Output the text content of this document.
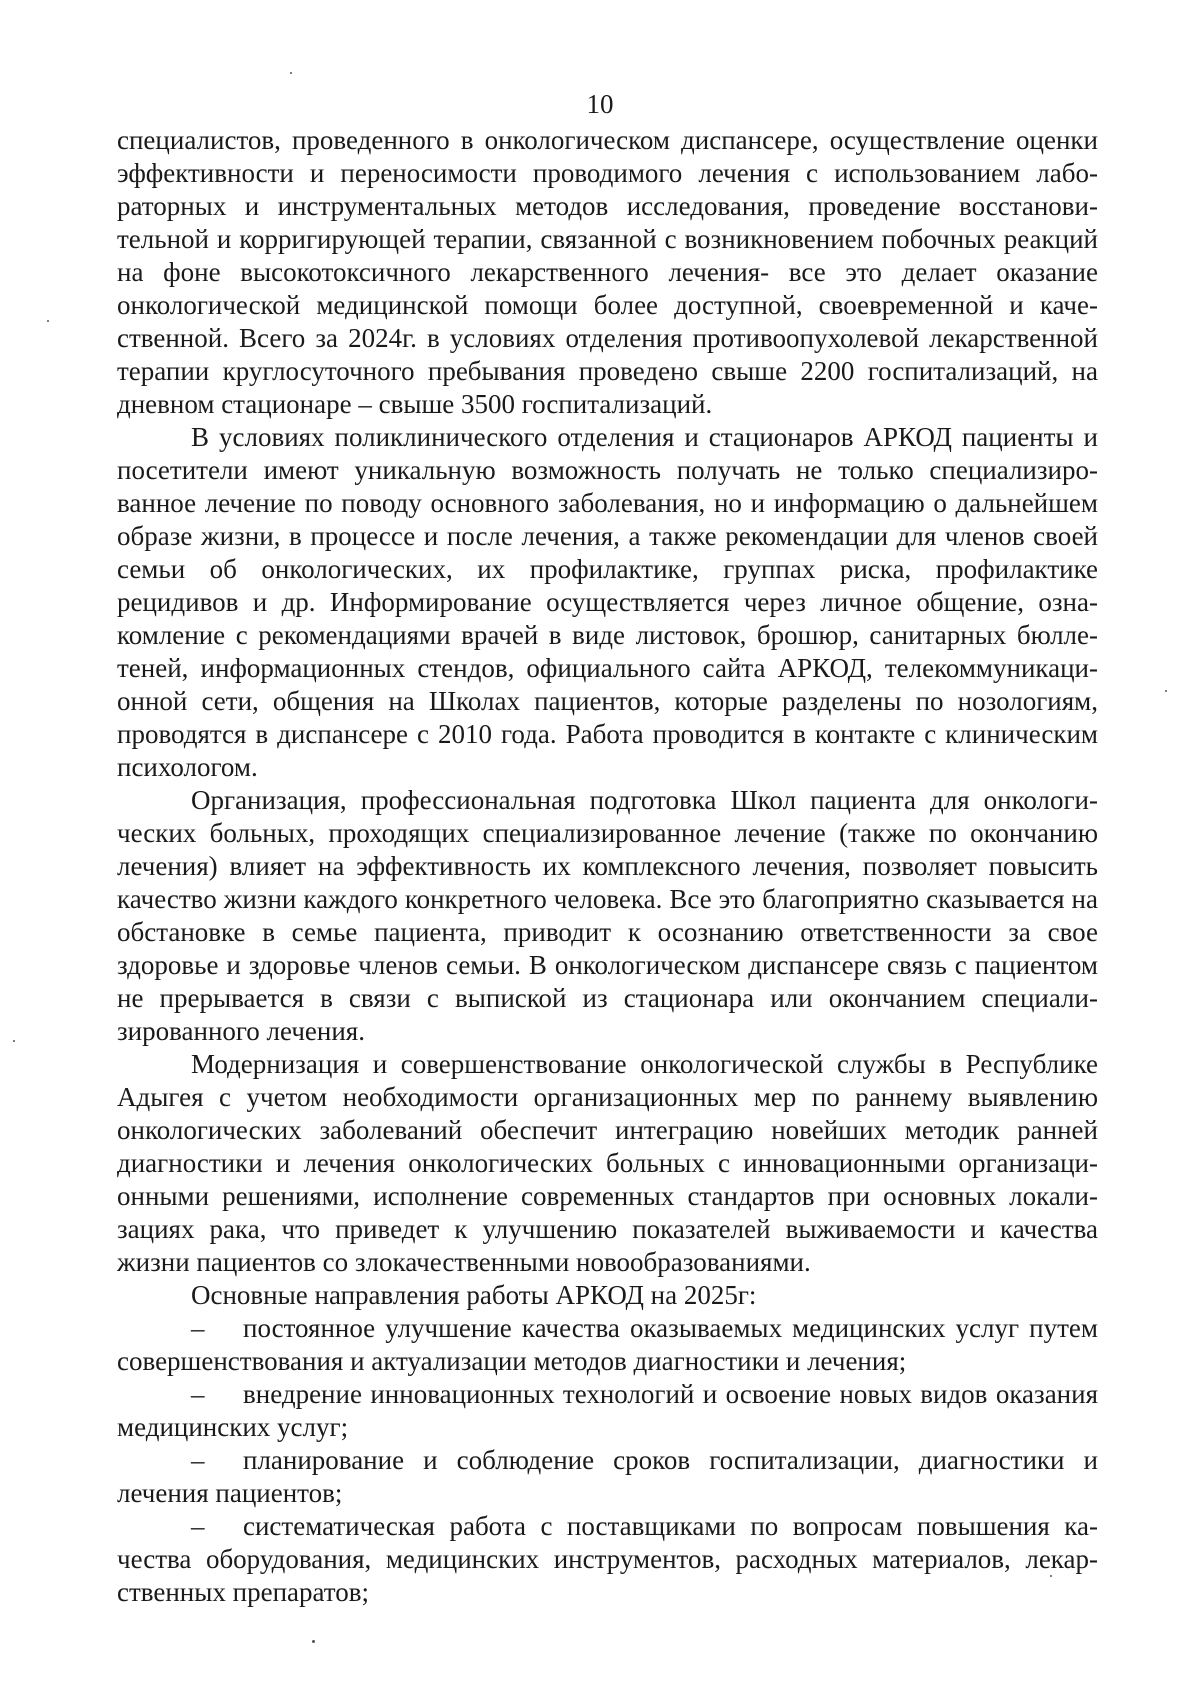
10

специалистов, проведенного в онкологическом диспансере, осуществление оценки эффективности и переносимости проводимого лечения с использованием лабораторных и инструментальных методов исследования, проведение восстановительной и корригирующей терапии, связанной с возникновением побочных реакций на фоне высокотоксичного лекарственного лечения- все это делает оказание онкологической медицинской помощи более доступной, своевременной и качественной. Всего за 2024г. в условиях отделения противоопухолевой лекарственной терапии круглосуточного пребывания проведено свыше 2200 госпитализаций, на дневном стационаре – свыше 3500 госпитализаций.

В условиях поликлинического отделения и стационаров АРКОД пациенты и посетители имеют уникальную возможность получать не только специализированное лечение по поводу основного заболевания, но и информацию о дальнейшем образе жизни, в процессе и после лечения, а также рекомендации для членов своей семьи об онкологических, их профилактике, группах риска, профилактике рецидивов и др. Информирование осуществляется через личное общение, ознакомление с рекомендациями врачей в виде листовок, брошюр, санитарных бюллетеней, информационных стендов, официального сайта АРКОД, телекоммуникационной сети, общения на Школах пациентов, которые разделены по нозологиям, проводятся в диспансере с 2010 года. Работа проводится в контакте с клиническим психологом.

Организация, профессиональная подготовка Школ пациента для онкологических больных, проходящих специализированное лечение (также по окончанию лечения) влияет на эффективность их комплексного лечения, позволяет повысить качество жизни каждого конкретного человека. Все это благоприятно сказывается на обстановке в семье пациента, приводит к осознанию ответственности за свое здоровье и здоровье членов семьи. В онкологическом диспансере связь с пациентом не прерывается в связи с выпиской из стационара или окончанием специализированного лечения.

Модернизация и совершенствование онкологической службы в Республике Адыгея с учетом необходимости организационных мер по раннему выявлению онкологических заболеваний обеспечит интеграцию новейших методик ранней диагностики и лечения онкологических больных с инновационными организационными решениями, исполнение современных стандартов при основных локализациях рака, что приведет к улучшению показателей выживаемости и качества жизни пациентов со злокачественными новообразованиями.

Основные направления работы АРКОД на 2025г:

– постоянное улучшение качества оказываемых медицинских услуг путем совершенствования и актуализации методов диагностики и лечения;
– внедрение инновационных технологий и освоение новых видов оказания медицинских услуг;
– планирование и соблюдение сроков госпитализации, диагностики и лечения пациентов;
– систематическая работа с поставщиками по вопросам повышения качества оборудования, медицинских инструментов, расходных материалов, лекарственных препаратов;
